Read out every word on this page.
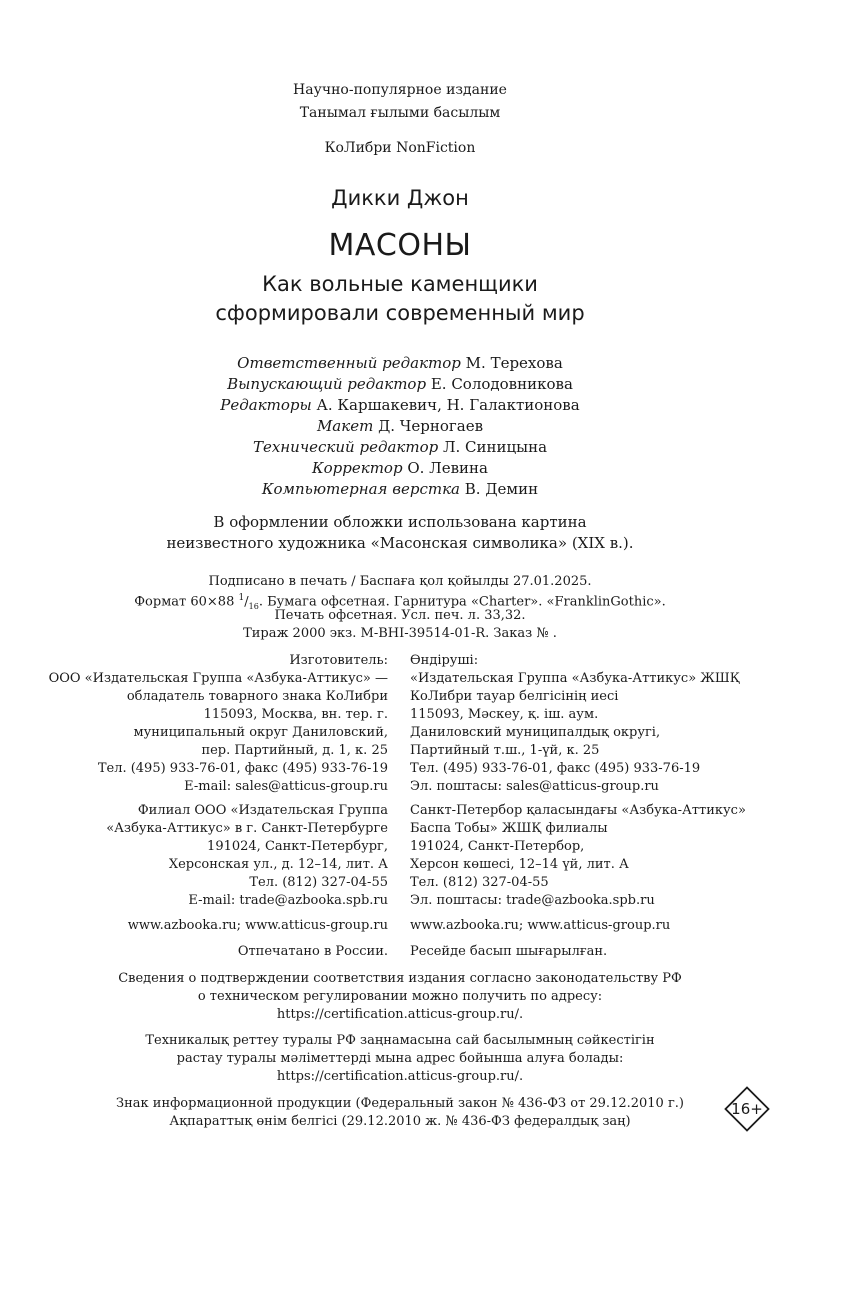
Научно-популярное издание
Танымал ғылыми басылым
КоЛибри NonFiction
Дикки Джон
МАСОНЫ
Как вольные каменщики
сформировали современный мир
Ответственный редактор М. Терехова
Выпускающий редактор Е. Солодовникова
Редакторы А. Каршакевич, Н. Галактионова
Макет Д. Черногаев
Технический редактор Л. Синицына
Корректор О. Левина
Компьютерная верстка В. Демин
В оформлении обложки использована картина
неизвестного художника «Масонская символика» (XIX в.).
Подписано в печать / Баспаға қол қойылды 27.01.2025.
Формат 60×88 $^1/_{16}$. Бумага офсетная. Гарнитура «Charter». «FranklinGothic».
Печать офсетная. Усл. печ. л. 33,32.
Тираж 2000 экз. M-BHI-39514-01-R. Заказ № .
Изготовитель:
ООО «Издательская Группа «Азбука-Аттикус» —
обладатель товарного знака КоЛибри
115093, Москва, вн. тер. г.
муниципальный округ Даниловский,
пер. Партийный, д. 1, к. 25
Тел. (495) 933-76-01, факс (495) 933-76-19
E-mail: sales@atticus-group.ru
Өндіруші:
«Издательская Группа «Азбука-Аттикус» ЖШҚ
КоЛибри тауар белгісінің иесі
115093, Мәскеу, қ. іш. аум.
Даниловский муниципалдық округі,
Партийный т.ш., 1-үй, к. 25
Тел. (495) 933-76-01, факс (495) 933-76-19
Эл. поштасы: sales@atticus-group.ru
Филиал ООО «Издательская Группа
«Азбука-Аттикус» в г. Санкт-Петербурге
191024, Санкт-Петербург,
Херсонская ул., д. 12–14, лит. А
Тел. (812) 327-04-55
E-mail: trade@azbooka.spb.ru
Санкт-Петербор қаласындағы «Азбука-Аттикус»
Баспа Тобы» ЖШҚ филиалы
191024, Санкт-Петербор,
Херсон көшесі, 12–14 үй, лит. А
Тел. (812) 327-04-55
Эл. поштасы: trade@azbooka.spb.ru
www.azbooka.ru; www.atticus-group.ru www.azbooka.ru; www.atticus-group.ru
Отпечатано в России. Ресейде басып шығарылған.
Сведения о подтверждении соответствия издания согласно законодательству РФ
о техническом регулировании можно получить по адресу:
https://certification.atticus-group.ru/.
Техникалық реттеу туралы РФ заңнамасына сай басылымның сәйкестігін
растау туралы мәліметтерді мына адрес бойынша алуға болады:
https://certification.atticus-group.ru/.
Знак информационной продукции (Федеральный закон № 436-ФЗ от 29.12.2010 г.)
Ақпараттық өнім белгісі (29.12.2010 ж. № 436-ФЗ федералдық заң)
16+
